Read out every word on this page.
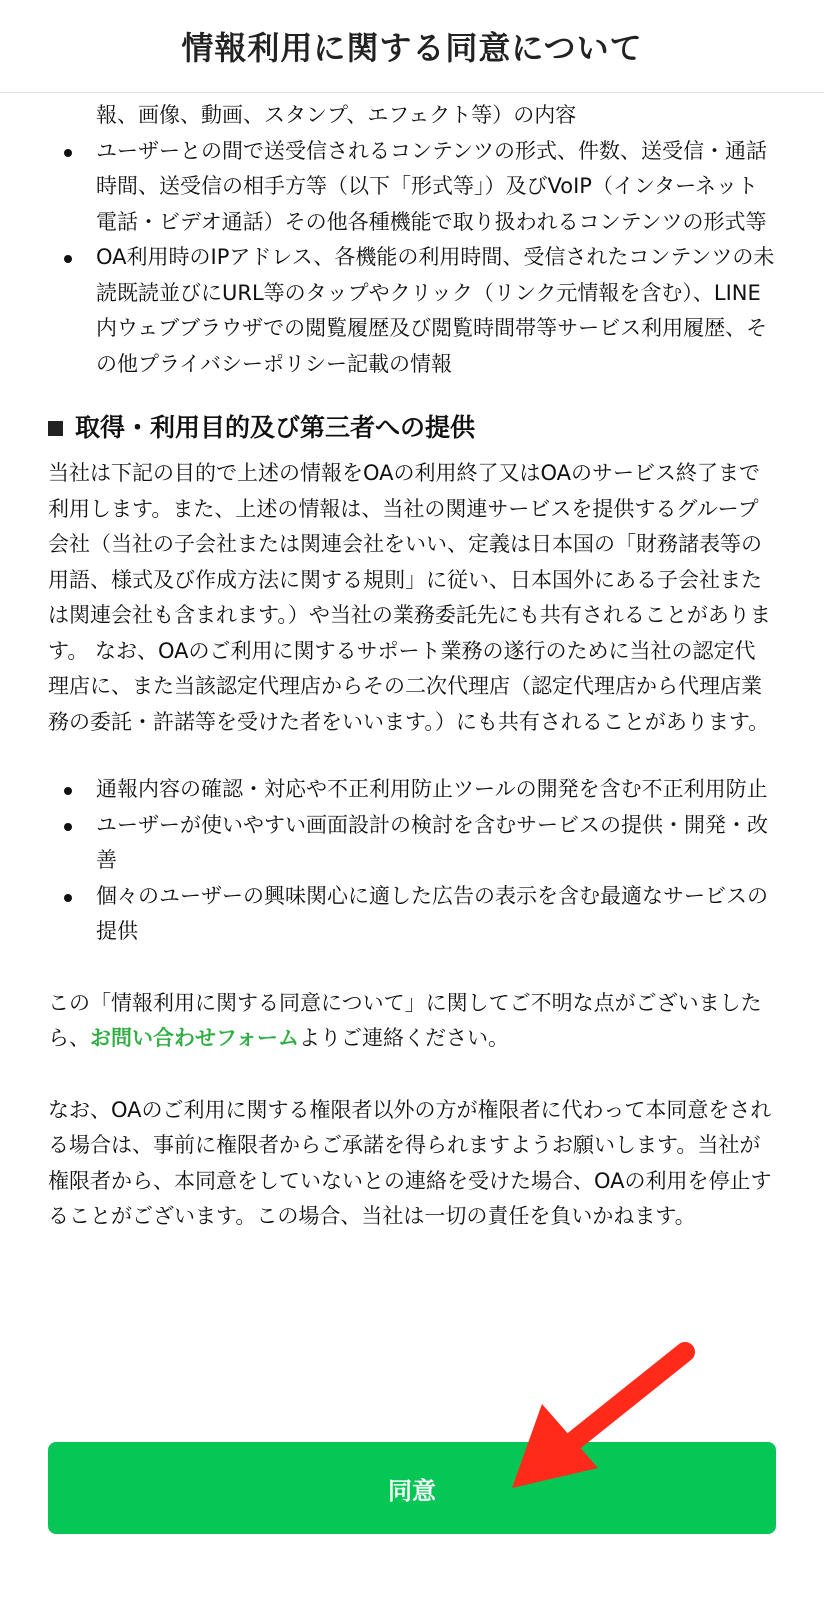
情報利用に関する同意について
報、画像、動画、スタンプ、エフェクト等）の内容
ユーザーとの間で送受信されるコンテンツの形式、件数、送受信・通話時間、送受信の相手方等（以下「形式等」）及びVoIP（インターネット電話・ビデオ通話）その他各種機能で取り扱われるコンテンツの形式等
OA利用時のIPアドレス、各機能の利用時間、受信されたコンテンツの未読既読並びにURL等のタップやクリック（リンク元情報を含む）、LINE内ウェブブラウザでの閲覧履歴及び閲覧時間帯等サービス利用履歴、その他プライバシーポリシー記載の情報
取得・利用目的及び第三者への提供

当社は下記の目的で上述の情報をOAの利用終了又はOAのサービス終了まで利用します。また、上述の情報は、当社の関連サービスを提供するグループ会社（当社の子会社または関連会社をいい、定義は日本国の「財務諸表等の用語、様式及び作成方法に関する規則」に従い、日本国外にある子会社または関連会社も含まれます。）や当社の業務委託先にも共有されることがあります。 なお、OAのご利用に関するサポート業務の遂行のために当社の認定代理店に、また当該認定代理店からその二次代理店（認定代理店から代理店業務の委託・許諾等を受けた者をいいます。）にも共有されることがあります。

通報内容の確認・対応や不正利用防止ツールの開発を含む不正利用防止
ユーザーが使いやすい画面設計の検討を含むサービスの提供・開発・改善
個々のユーザーの興味関心に適した広告の表示を含む最適なサービスの提供

この「情報利用に関する同意について」に関してご不明な点がございましたら、お問い合わせフォームよりご連絡ください。

なお、OAのご利用に関する権限者以外の方が権限者に代わって本同意をされる場合は、事前に権限者からご承諾を得られますようお願いします。当社が権限者から、本同意をしていないとの連絡を受けた場合、OAの利用を停止することがございます。この場合、当社は一切の責任を負いかねます。

同意
